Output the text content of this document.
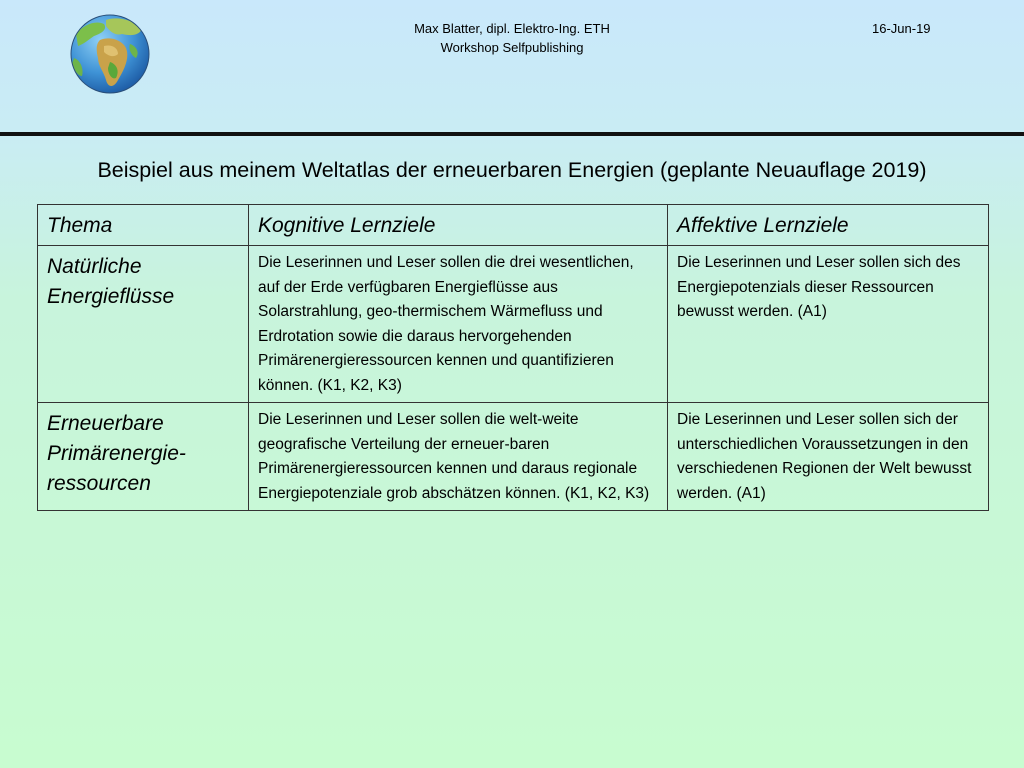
Max Blatter, dipl. Elektro-Ing. ETH
Workshop Selfpublishing
16-Jun-19
Beispiel aus meinem Weltatlas der erneuerbaren Energien (geplante Neuauflage 2019)
Thema	Kognitive Lernziele	Affektive Lernziele
Natürliche Energieflüsse	Die Leserinnen und Leser sollen die drei wesentlichen, auf der Erde verfügbaren Energieflüsse aus Solarstrahlung, geo-thermischem Wärmefluss und Erdrotation sowie die daraus hervorgehenden Primärenergieressourcen kennen und quantifizieren können. (K1, K2, K3)	Die Leserinnen und Leser sollen sich des Energiepotenzials dieser Ressourcen bewusst werden. (A1)
Erneuerbare Primärenergie-ressourcen	Die Leserinnen und Leser sollen die welt-weite geografische Verteilung der erneuer-baren Primärenergieressourcen kennen und daraus regionale Energiepotenziale grob abschätzen können. (K1, K2, K3)	Die Leserinnen und Leser sollen sich der unterschiedlichen Voraussetzungen in den verschiedenen Regionen der Welt bewusst werden. (A1)
